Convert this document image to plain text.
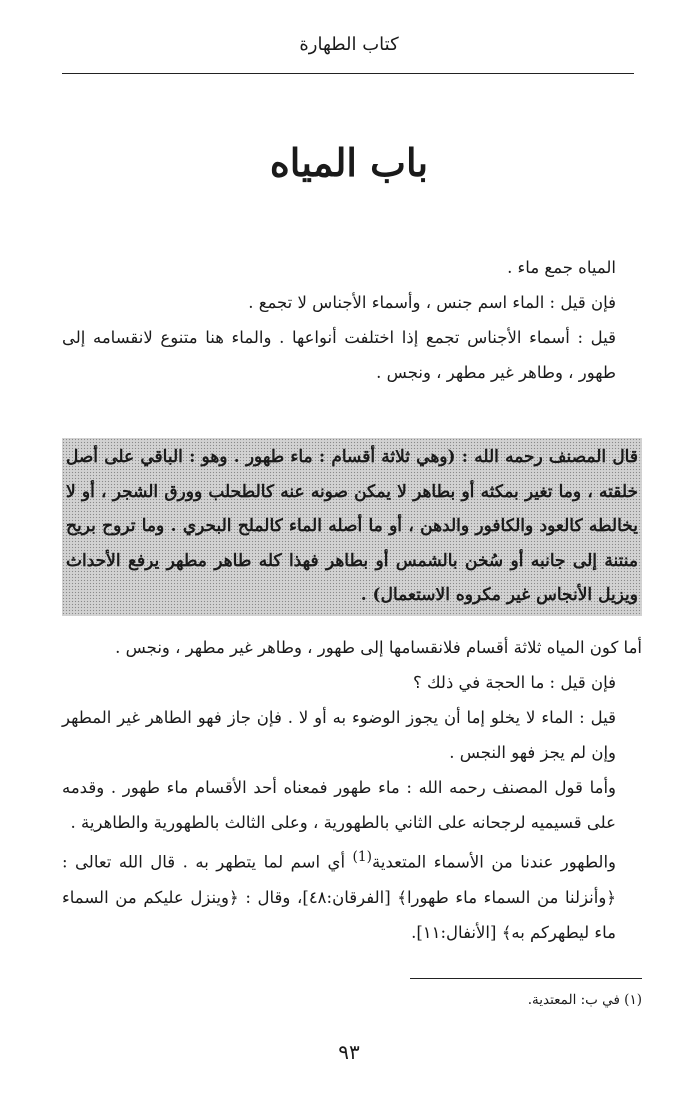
كتاب الطهارة
باب المياه

المياه جمع ماء .

فإن قيل : الماء اسم جنس ، وأسماء الأجناس لا تجمع .

قيل : أسماء الأجناس تجمع إذا اختلفت أنواعها . والماء هنا متنوع لانقسامه إلى طهور ، وطاهر غير مطهر ، ونجس .

قال المصنف رحمه الله : (وهي ثلاثة أقسام : ماء طهور . وهو : الباقي على أصل خلقته ، وما تغير بمكثه أو بطاهر لا يمكن صونه عنه كالطحلب وورق الشجر ، أو لا يخالطه كالعود والكافور والدهن ، أو ما أصله الماء كالملح البحري . وما تروح بريح منتنة إلى جانبه أو سُخن بالشمس أو بطاهر فهذا كله طاهر مطهر يرفع الأحداث ويزيل الأنجاس غير مكروه الاستعمال) .

أما كون المياه ثلاثة أقسام فلانقسامها إلى طهور ، وطاهر غير مطهر ، ونجس .

فإن قيل : ما الحجة في ذلك ؟

قيل : الماء لا يخلو إما أن يجوز الوضوء به أو لا . فإن جاز فهو الطاهر غير المطهر وإن لم يجز فهو النجس .

وأما قول المصنف رحمه الله : ماء طهور فمعناه أحد الأقسام ماء طهور . وقدمه على قسيميه لرجحانه على الثاني بالطهورية ، وعلى الثالث بالطهورية والطاهرية .

والطهور عندنا من الأسماء المتعدية$^{(1)}$ أي اسم لما يتطهر به . قال الله تعالى : ﴿وأنزلنا من السماء ماء طهورا﴾ [الفرقان:٤٨]، وقال : ﴿وينزل عليكم من السماء ماء ليطهركم به﴾ [الأنفال:١١].

(١) في ب: المعتدية.
٩٣
